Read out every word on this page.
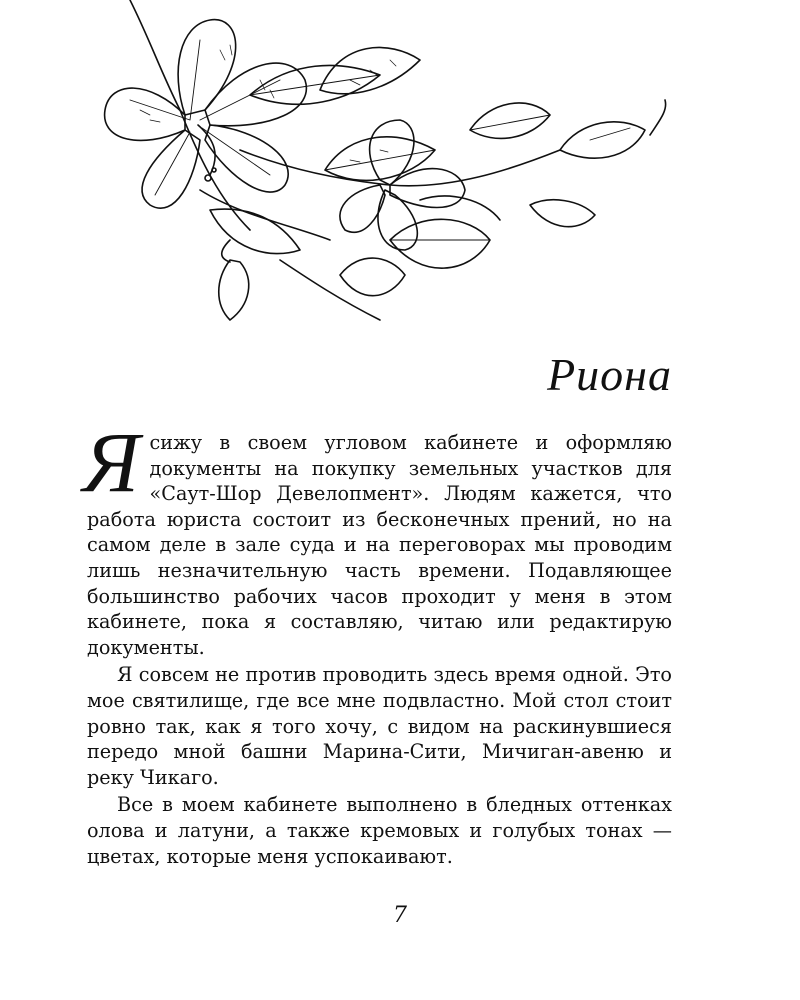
Риона

Ясижу в своем угловом кабинете и оформляю документы на покупку земельных участков для «Саут-Шор Девелопмент». Людям кажется, что работа юриста состоит из бесконечных прений, но на самом деле в зале суда и на переговорах мы проводим лишь незначительную часть времени. Подавляющее большинство рабочих часов проходит у меня в этом кабинете, пока я составляю, читаю или редактирую документы.

Я совсем не против проводить здесь время одной. Это мое святилище, где все мне подвластно. Мой стол стоит ровно так, как я того хочу, с видом на раскинувшиеся передо мной башни Марина-Сити, Мичиган-авеню и реку Чикаго.

Все в моем кабинете выполнено в бледных оттенках олова и латуни, а также кремовых и голубых тонах — цветах, которые меня успокаивают.

7
